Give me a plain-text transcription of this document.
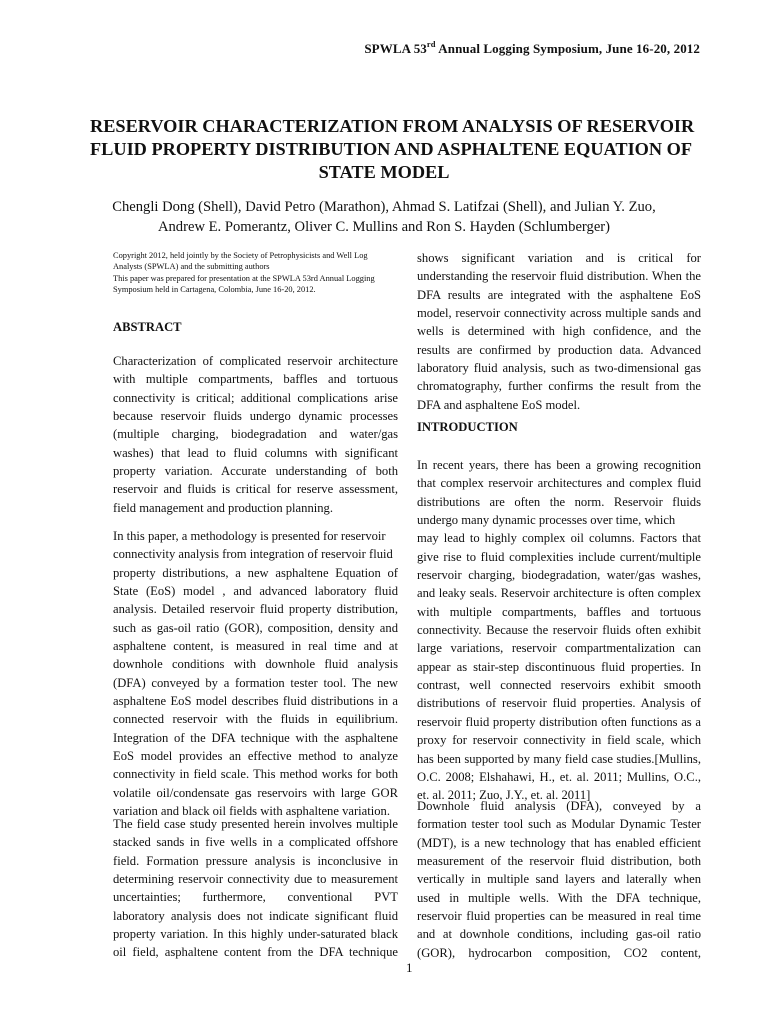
SPWLA 53rd Annual Logging Symposium, June 16-20, 2012
RESERVOIR CHARACTERIZATION FROM ANALYSIS OF RESERVOIR
FLUID PROPERTY DISTRIBUTION AND ASPHALTENE EQUATION OF
STATE MODEL
Chengli Dong (Shell), David Petro (Marathon), Ahmad S. Latifzai (Shell), and Julian Y. Zuo,
Andrew E. Pomerantz, Oliver C. Mullins and Ron S. Hayden (Schlumberger)
Copyright 2012, held jointly by the Society of Petrophysicists and Well Log
Analysts (SPWLA) and the submitting authors
This paper was prepared for presentation at the SPWLA 53rd Annual Logging
Symposium held in Cartagena, Colombia, June 16-20, 2012.
ABSTRACT
Characterization of complicated reservoir architecture
with multiple compartments, baffles and tortuous
connectivity is critical; additional complications arise
because reservoir fluids undergo dynamic processes
(multiple charging, biodegradation and water/gas
washes) that lead to fluid columns with significant
property variation. Accurate understanding of both
reservoir and fluids is critical for reserve assessment,
field management and production planning.
In this paper, a methodology is presented for reservoir
connectivity analysis from integration of reservoir fluid
property distributions, a new asphaltene Equation of
State (EoS) model , and advanced laboratory fluid
analysis. Detailed reservoir fluid property distribution,
such as gas-oil ratio (GOR), composition, density and
asphaltene content, is measured in real time and at
downhole conditions with downhole fluid analysis
(DFA) conveyed by a formation tester tool. The new
asphaltene EoS model describes fluid distributions in a
connected reservoir with the fluids in equilibrium.
Integration of the DFA technique with the asphaltene
EoS model provides an effective method to analyze
connectivity in field scale. This method works for both
volatile oil/condensate gas reservoirs with large GOR
variation and black oil fields with asphaltene variation.
The field case study presented herein involves multiple
stacked sands in five wells in a complicated offshore
field. Formation pressure analysis is inconclusive in
determining reservoir connectivity due to measurement
uncertainties; furthermore, conventional PVT
laboratory analysis does not indicate significant fluid
property variation. In this highly under-saturated black
oil field, asphaltene content from the DFA technique
shows significant variation and is critical for
understanding the reservoir fluid distribution. When the
DFA results are integrated with the asphaltene EoS
model, reservoir connectivity across multiple sands and
wells is determined with high confidence, and the
results are confirmed by production data. Advanced
laboratory fluid analysis, such as two-dimensional gas
chromatography, further confirms the result from the
DFA and asphaltene EoS model.
INTRODUCTION
In recent years, there has been a growing recognition
that complex reservoir architectures and complex fluid
distributions are often the norm. Reservoir fluids
undergo many dynamic processes over time, which
may lead to highly complex oil columns. Factors that
give rise to fluid complexities include current/multiple
reservoir charging, biodegradation, water/gas washes,
and leaky seals. Reservoir architecture is often complex
with multiple compartments, baffles and tortuous
connectivity. Because the reservoir fluids often exhibit
large variations, reservoir compartmentalization can
appear as stair-step discontinuous fluid properties. In
contrast, well connected reservoirs exhibit smooth
distributions of reservoir fluid properties. Analysis of
reservoir fluid property distribution often functions as a
proxy for reservoir connectivity in field scale, which
has been supported by many field case studies.[Mullins,
O.C. 2008; Elshahawi, H., et. al. 2011; Mullins, O.C.,
et. al. 2011; Zuo, J.Y., et. al. 2011]
Downhole fluid analysis (DFA), conveyed by a
formation tester tool such as Modular Dynamic Tester
(MDT), is a new technology that has enabled efficient
measurement of the reservoir fluid distribution, both
vertically in multiple sand layers and laterally when
used in multiple wells. With the DFA technique,
reservoir fluid properties can be measured in real time
and at downhole conditions, including gas-oil ratio
(GOR), hydrocarbon composition, CO2 content,
1
